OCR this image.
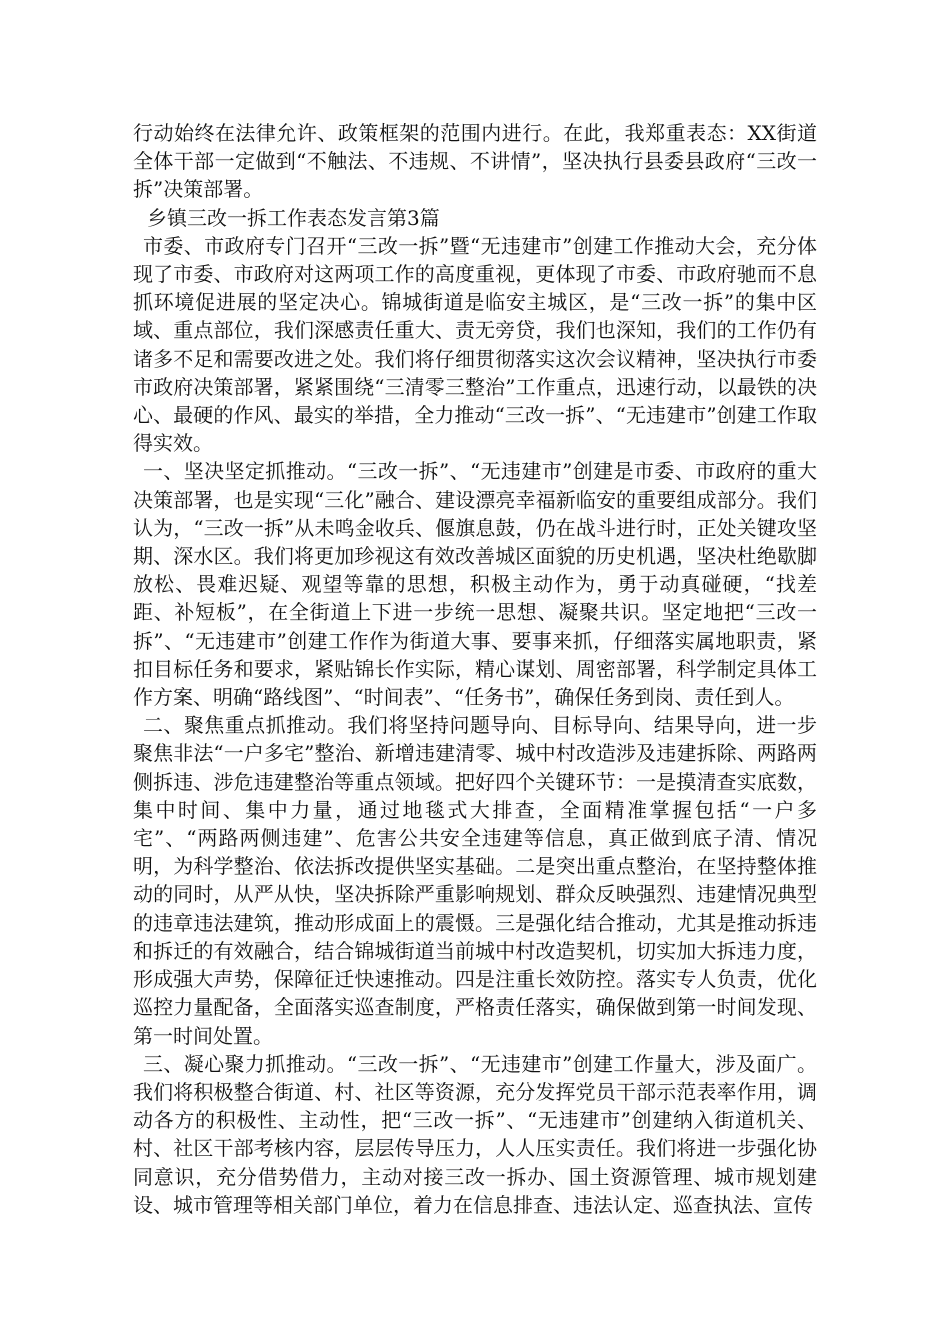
行动始终在法律允许、政策框架的范围内进行。在此，我郑重表态：XX街道全体干部一定做到“不触法、不违规、不讲情”，坚决执行县委县政府“三改一拆”决策部署。

乡镇三改一拆工作表态发言第3篇

市委、市政府专门召开“三改一拆”暨“无违建市”创建工作推动大会，充分体现了市委、市政府对这两项工作的高度重视，更体现了市委、市政府驰而不息抓环境促进展的坚定决心。锦城街道是临安主城区，是“三改一拆”的集中区域、重点部位，我们深感责任重大、责无旁贷，我们也深知，我们的工作仍有诸多不足和需要改进之处。我们将仔细贯彻落实这次会议精神，坚决执行市委市政府决策部署，紧紧围绕“三清零三整治”工作重点，迅速行动，以最铁的决心、最硬的作风、最实的举措，全力推动“三改一拆”、“无违建市”创建工作取得实效。

一、坚决坚定抓推动。“三改一拆”、“无违建市”创建是市委、市政府的重大决策部署，也是实现“三化”融合、建设漂亮幸福新临安的重要组成部分。我们认为，“三改一拆”从未鸣金收兵、偃旗息鼓，仍在战斗进行时，正处关键攻坚期、深水区。我们将更加珍视这有效改善城区面貌的历史机遇，坚决杜绝歇脚放松、畏难迟疑、观望等靠的思想，积极主动作为，勇于动真碰硬，“找差距、补短板”，在全街道上下进一步统一思想、凝聚共识。坚定地把“三改一拆”、“无违建市”创建工作作为街道大事、要事来抓，仔细落实属地职责，紧扣目标任务和要求，紧贴锦长作实际，精心谋划、周密部署，科学制定具体工作方案、明确“路线图”、“时间表”、“任务书”，确保任务到岗、责任到人。

二、聚焦重点抓推动。我们将坚持问题导向、目标导向、结果导向，进一步聚焦非法“一户多宅”整治、新增违建清零、城中村改造涉及违建拆除、两路两侧拆违、涉危违建整治等重点领域。把好四个关键环节：一是摸清查实底数，集中时间、集中力量，通过地毯式大排查，全面精准掌握包括“一户多宅”、“两路两侧违建”、危害公共安全违建等信息，真正做到底子清、情况明，为科学整治、依法拆改提供坚实基础。二是突出重点整治，在坚持整体推动的同时，从严从快，坚决拆除严重影响规划、群众反映强烈、违建情况典型的违章违法建筑，推动形成面上的震慑。三是强化结合推动，尤其是推动拆违和拆迁的有效融合，结合锦城街道当前城中村改造契机，切实加大拆违力度，形成强大声势，保障征迁快速推动。四是注重长效防控。落实专人负责，优化巡控力量配备，全面落实巡查制度，严格责任落实，确保做到第一时间发现、第一时间处置。

三、凝心聚力抓推动。“三改一拆”、“无违建市”创建工作量大，涉及面广。我们将积极整合街道、村、社区等资源，充分发挥党员干部示范表率作用，调动各方的积极性、主动性，把“三改一拆”、“无违建市”创建纳入街道机关、村、社区干部考核内容，层层传导压力，人人压实责任。我们将进一步强化协同意识，充分借势借力，主动对接三改一拆办、国土资源管理、城市规划建设、城市管理等相关部门单位，着力在信息排查、违法认定、巡查执法、宣传
